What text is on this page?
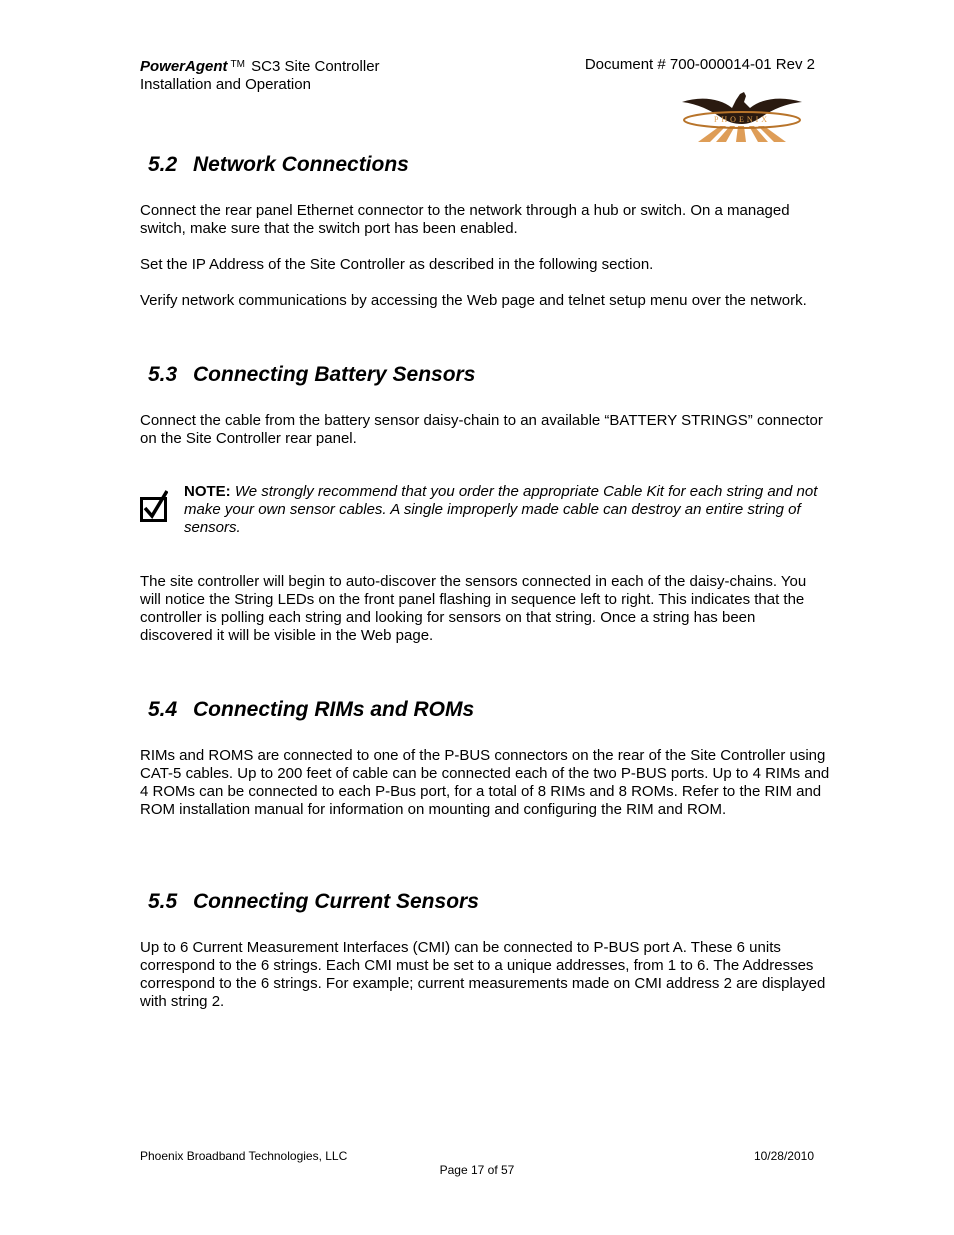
PowerAgent ™ SC3 Site Controller
Installation and Operation
Document # 700-000014-01 Rev 2
PHOENIX
5.2 Network Connections
Connect the rear panel Ethernet connector to the network through a hub or switch. On a managed switch, make sure that the switch port has been enabled.
Set the IP Address of the Site Controller as described in the following section.
Verify network communications by accessing the Web page and telnet setup menu over the network.
5.3 Connecting Battery Sensors
Connect the cable from the battery sensor daisy-chain to an available “BATTERY STRINGS” connector on the Site Controller rear panel.
NOTE: We strongly recommend that you order the appropriate Cable Kit for each string and not make your own sensor cables. A single improperly made cable can destroy an entire string of sensors.
The site controller will begin to auto-discover the sensors connected in each of the daisy-chains. You will notice the String LEDs on the front panel flashing in sequence left to right. This indicates that the controller is polling each string and looking for sensors on that string. Once a string has been discovered it will be visible in the Web page.
5.4 Connecting RIMs and ROMs
RIMs and ROMS are connected to one of the P-BUS connectors on the rear of the Site Controller using CAT-5 cables. Up to 200 feet of cable can be connected each of the two P-BUS ports. Up to 4 RIMs and 4 ROMs can be connected to each P-Bus port, for a total of 8 RIMs and 8 ROMs. Refer to the RIM and ROM installation manual for information on mounting and configuring the RIM and ROM.
5.5 Connecting Current Sensors
Up to 6 Current Measurement Interfaces (CMI) can be connected to P-BUS port A. These 6 units correspond to the 6 strings. Each CMI must be set to a unique addresses, from 1 to 6. The Addresses correspond to the 6 strings. For example; current measurements made on CMI address 2 are displayed with string 2.
Phoenix Broadband Technologies, LLC	10/28/2010
Page 17 of 57
